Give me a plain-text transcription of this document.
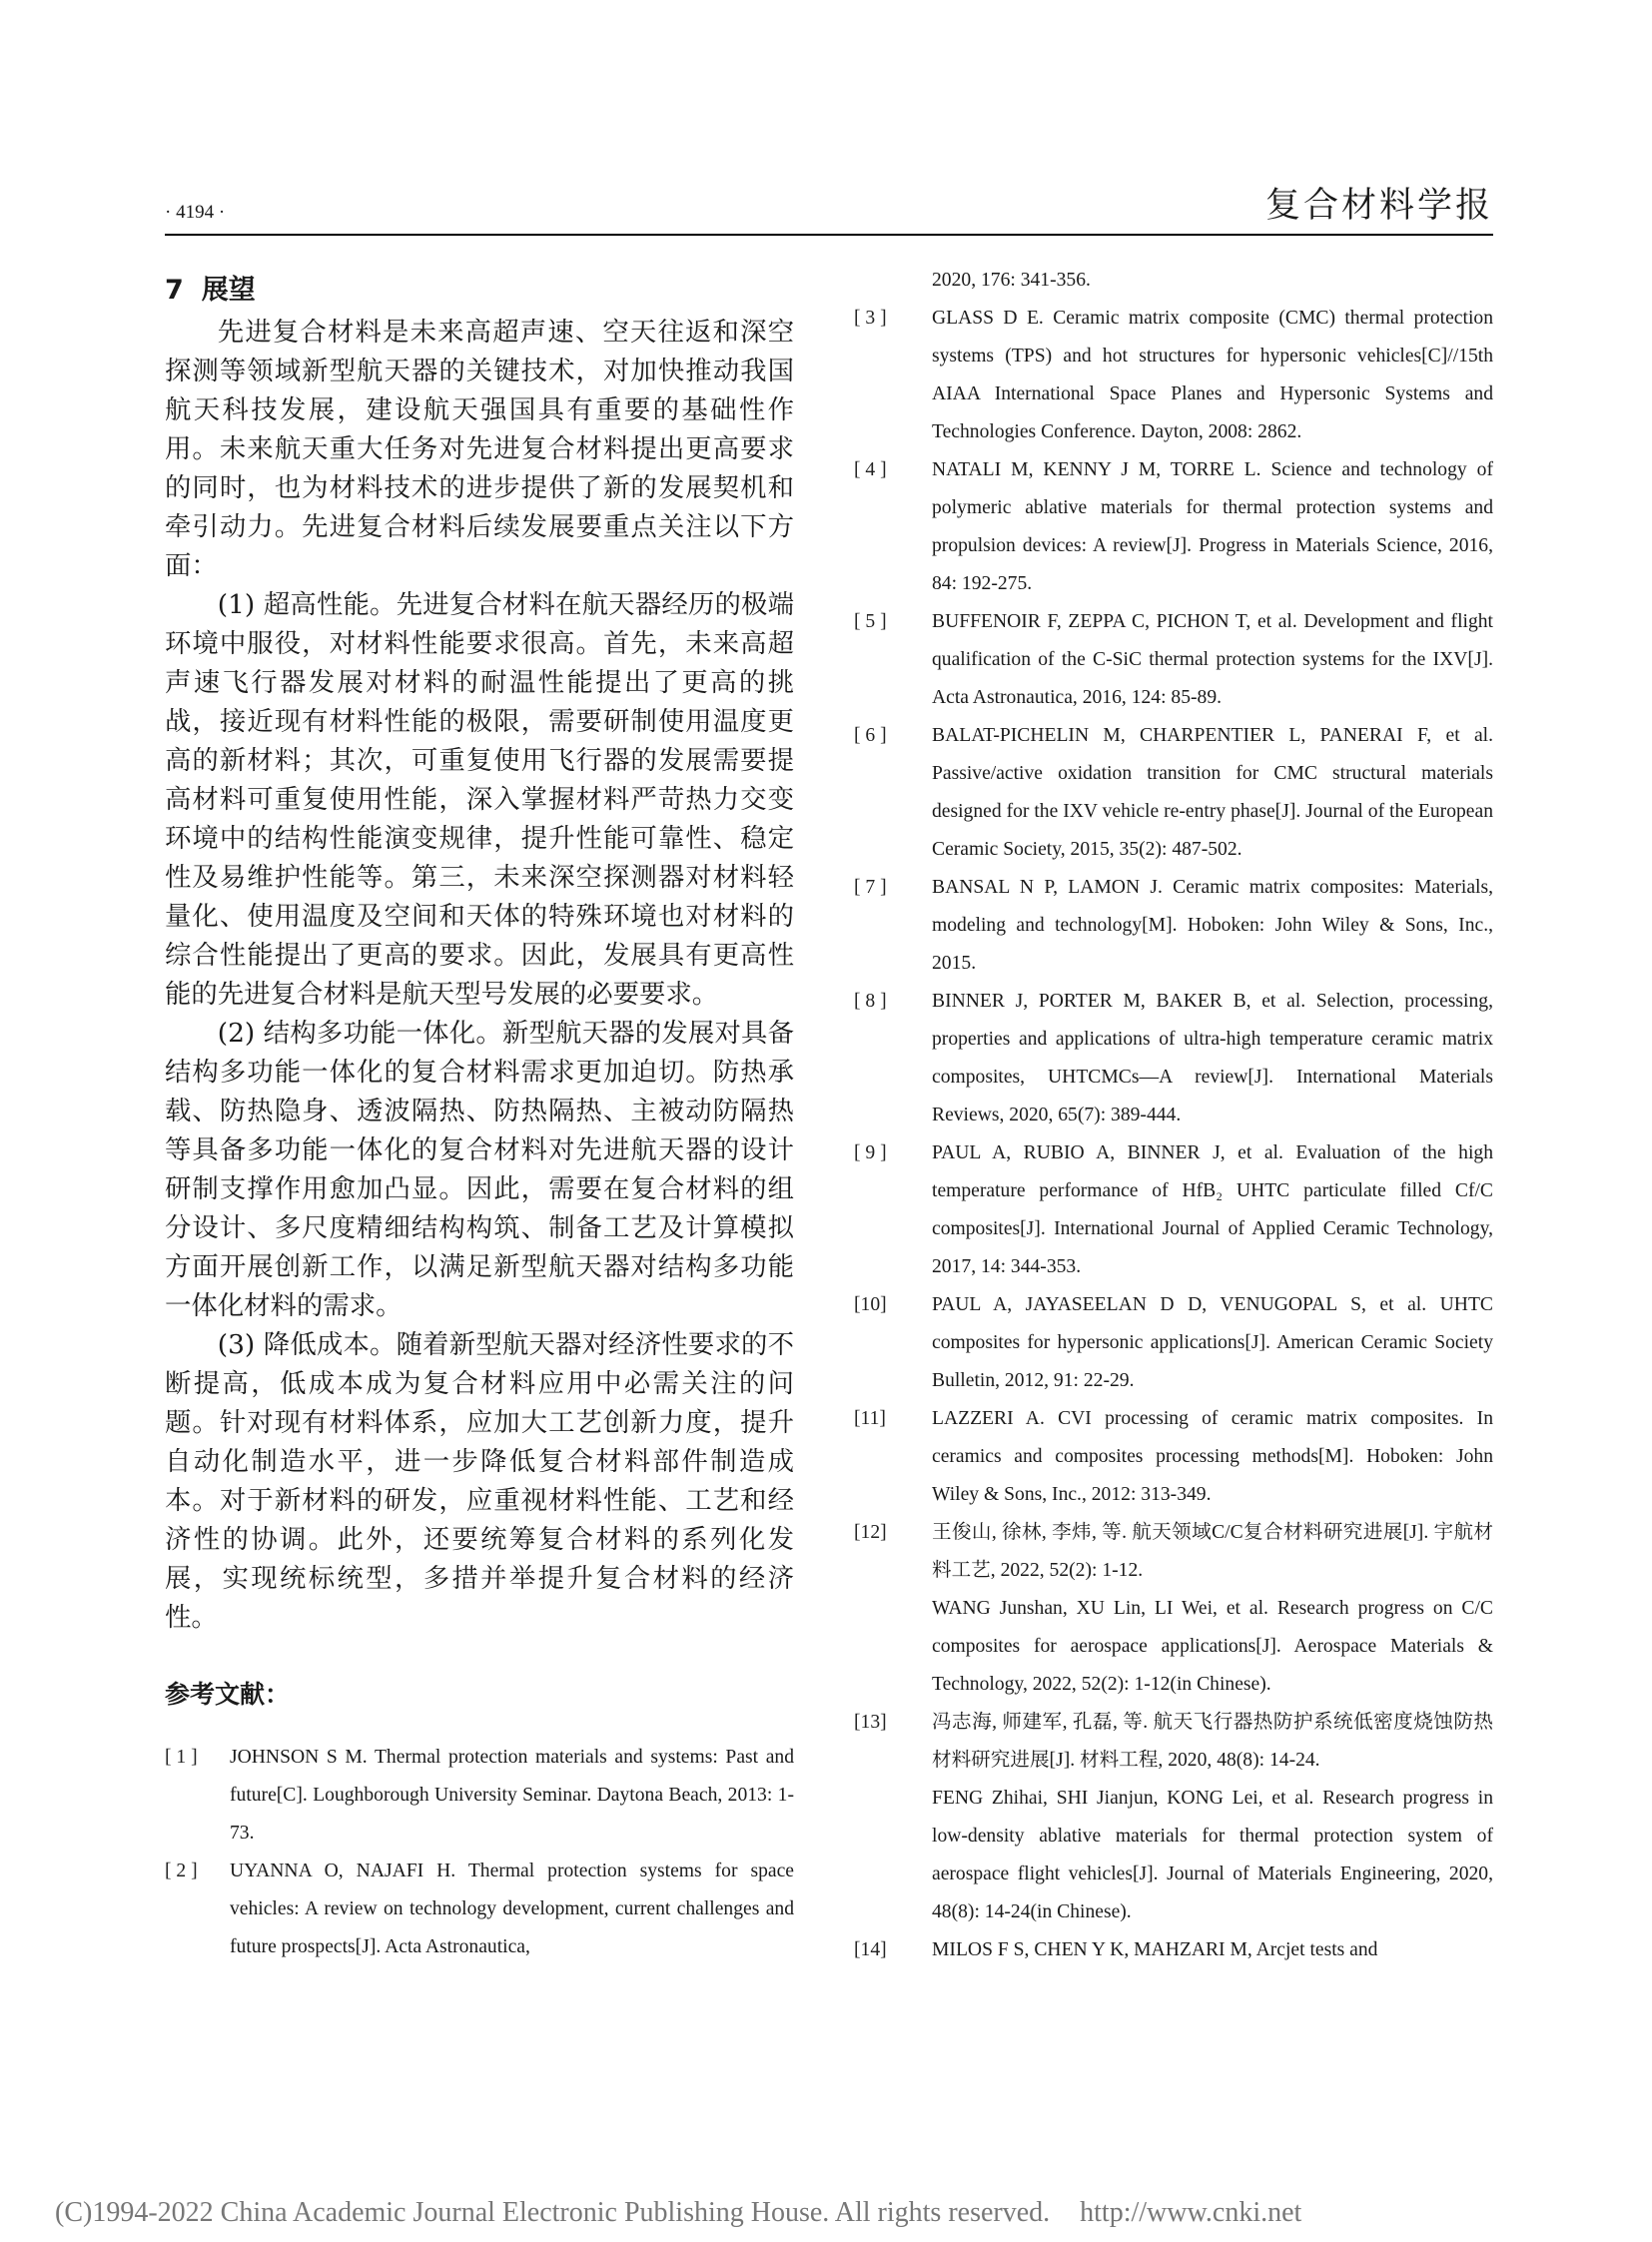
· 4194 ·	复合材料学报
7 展望

先进复合材料是未来高超声速、空天往返和深空探测等领域新型航天器的关键技术，对加快推动我国航天科技发展，建设航天强国具有重要的基础性作用。未来航天重大任务对先进复合材料提出更高要求的同时，也为材料技术的进步提供了新的发展契机和牵引动力。先进复合材料后续发展要重点关注以下方面：

(1) 超高性能。先进复合材料在航天器经历的极端环境中服役，对材料性能要求很高。首先，未来高超声速飞行器发展对材料的耐温性能提出了更高的挑战，接近现有材料性能的极限，需要研制使用温度更高的新材料；其次，可重复使用飞行器的发展需要提高材料可重复使用性能，深入掌握材料严苛热力交变环境中的结构性能演变规律，提升性能可靠性、稳定性及易维护性能等。第三，未来深空探测器对材料轻量化、使用温度及空间和天体的特殊环境也对材料的综合性能提出了更高的要求。因此，发展具有更高性能的先进复合材料是航天型号发展的必要要求。

(2) 结构多功能一体化。新型航天器的发展对具备结构多功能一体化的复合材料需求更加迫切。防热承载、防热隐身、透波隔热、防热隔热、主被动防隔热等具备多功能一体化的复合材料对先进航天器的设计研制支撑作用愈加凸显。因此，需要在复合材料的组分设计、多尺度精细结构构筑、制备工艺及计算模拟方面开展创新工作，以满足新型航天器对结构多功能一体化材料的需求。

(3) 降低成本。随着新型航天器对经济性要求的不断提高，低成本成为复合材料应用中必需关注的问题。针对现有材料体系，应加大工艺创新力度，提升自动化制造水平，进一步降低复合材料部件制造成本。对于新材料的研发，应重视材料性能、工艺和经济性的协调。此外，还要统筹复合材料的系列化发展，实现统标统型，多措并举提升复合材料的经济性。

参考文献：
[ 1 ]	JOHNSON S M. Thermal protection materials and systems: Past and future[C]. Loughborough University Seminar. Daytona Beach, 2013: 1-73.
[ 2 ]	UYANNA O, NAJAFI H. Thermal protection systems for space vehicles: A review on technology development, current challenges and future prospects[J]. Acta Astronautica,
2020, 176: 341-356.
[ 3 ]	GLASS D E. Ceramic matrix composite (CMC) thermal protection systems (TPS) and hot structures for hypersonic vehicles[C]//15th AIAA International Space Planes and Hypersonic Systems and Technologies Conference. Dayton, 2008: 2862.
[ 4 ]	NATALI M, KENNY J M, TORRE L. Science and technology of polymeric ablative materials for thermal protection systems and propulsion devices: A review[J]. Progress in Materials Science, 2016, 84: 192-275.
[ 5 ]	BUFFENOIR F, ZEPPA C, PICHON T, et al. Development and flight qualification of the C-SiC thermal protection systems for the IXV[J]. Acta Astronautica, 2016, 124: 85-89.
[ 6 ]	BALAT-PICHELIN M, CHARPENTIER L, PANERAI F, et al. Passive/active oxidation transition for CMC structural materials designed for the IXV vehicle re-entry phase[J]. Journal of the European Ceramic Society, 2015, 35(2): 487-502.
[ 7 ]	BANSAL N P, LAMON J. Ceramic matrix composites: Materials, modeling and technology[M]. Hoboken: John Wiley & Sons, Inc., 2015.
[ 8 ]	BINNER J, PORTER M, BAKER B, et al. Selection, processing, properties and applications of ultra-high temperature ceramic matrix composites, UHTCMCs—A review[J]. International Materials Reviews, 2020, 65(7): 389-444.
[ 9 ]	PAUL A, RUBIO A, BINNER J, et al. Evaluation of the high temperature performance of HfB₂ UHTC particulate filled Cf/C composites[J]. International Journal of Applied Ceramic Technology, 2017, 14: 344-353.
[10]	PAUL A, JAYASEELAN D D, VENUGOPAL S, et al. UHTC composites for hypersonic applications[J]. American Ceramic Society Bulletin, 2012, 91: 22-29.
[11]	LAZZERI A. CVI processing of ceramic matrix composites. In ceramics and composites processing methods[M]. Hoboken: John Wiley & Sons, Inc., 2012: 313-349.
[12]	王俊山, 徐林, 李炜, 等. 航天领域C/C复合材料研究进展[J]. 宇航材料工艺, 2022, 52(2): 1-12.
WANG Junshan, XU Lin, LI Wei, et al. Research progress on C/C composites for aerospace applications[J]. Aerospace Materials & Technology, 2022, 52(2): 1-12(in Chinese).
[13]	冯志海, 师建军, 孔磊, 等. 航天飞行器热防护系统低密度烧蚀防热材料研究进展[J]. 材料工程, 2020, 48(8): 14-24.
FENG Zhihai, SHI Jianjun, KONG Lei, et al. Research progress in low-density ablative materials for thermal protection system of aerospace flight vehicles[J]. Journal of Materials Engineering, 2020, 48(8): 14-24(in Chinese).
[14]	MILOS F S, CHEN Y K, MAHZARI M, Arcjet tests and
(C)1994-2022 China Academic Journal Electronic Publishing House. All rights reserved. http://www.cnki.net
